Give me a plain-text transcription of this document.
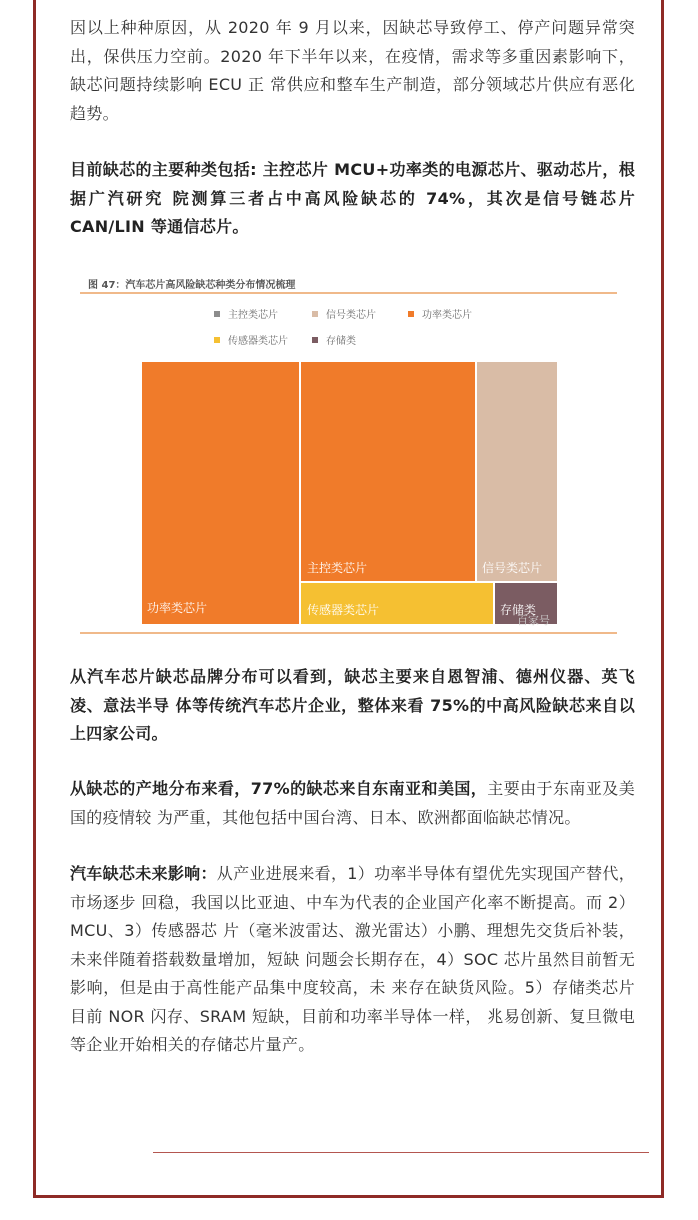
因以上种种原因，从 2020 年 9 月以来，因缺芯导致停工、停产问题异常突出，保供压力空前。2020 年下半年以来，在疫情，需求等多重因素影响下，缺芯问题持续影响 ECU 正 常供应和整车生产制造，部分领域芯片供应有恶化趋势。

目前缺芯的主要种类包括: 主控芯片 MCU+功率类的电源芯片、驱动芯片，根据广汽研究 院测算三者占中高风险缺芯的 74%，其次是信号链芯片 CAN/LIN 等通信芯片。

图 47：汽车芯片高风险缺芯种类分布情况梳理
主控类芯片	信号类芯片	功率类芯片
传感器类芯片	存储类
功率类芯片
主控类芯片	信号类芯片
传感器类芯片	存储类
百家号

从汽车芯片缺芯品牌分布可以看到，缺芯主要来自恩智浦、德州仪器、英飞凌、意法半导 体等传统汽车芯片企业，整体来看 75%的中高风险缺芯来自以上四家公司。

从缺芯的产地分布来看，77%的缺芯来自东南亚和美国，主要由于东南亚及美国的疫情较 为严重，其他包括中国台湾、日本、欧洲都面临缺芯情况。

汽车缺芯未来影响：从产业进展来看，1）功率半导体有望优先实现国产替代，市场逐步 回稳，我国以比亚迪、中车为代表的企业国产化率不断提高。而 2）MCU、3）传感器芯 片（毫米波雷达、激光雷达）小鹏、理想先交货后补装，未来伴随着搭载数量增加，短缺 问题会长期存在，4）SOC 芯片虽然目前暂无影响，但是由于高性能产品集中度较高，未 来存在缺货风险。5）存储类芯片目前 NOR 闪存、SRAM 短缺，目前和功率半导体一样， 兆易创新、复旦微电等企业开始相关的存储芯片量产。
